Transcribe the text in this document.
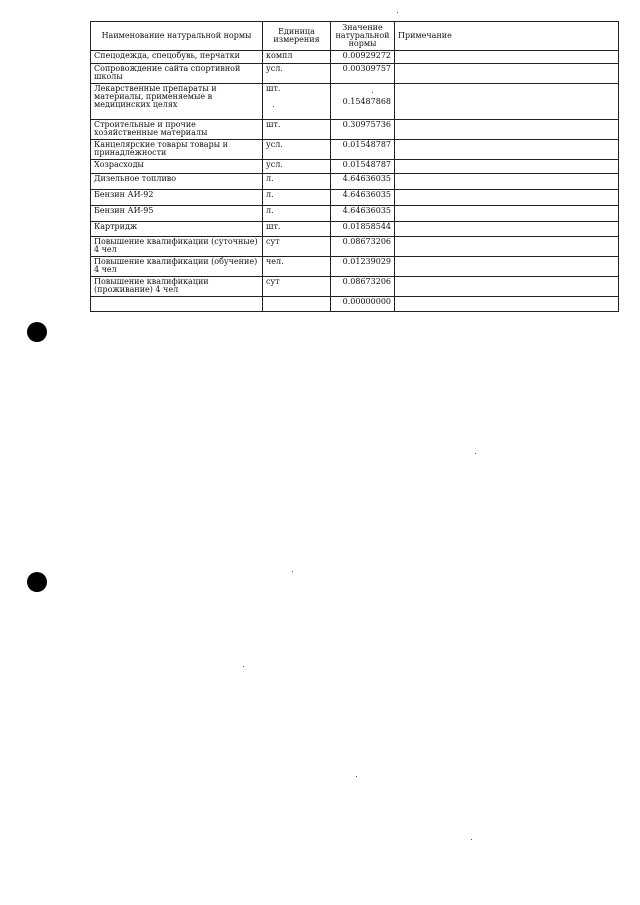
Наименование натуральной нормы	Единица измерения	Значение натуральной нормы	Примечание
Спецодежда, спецобувь, перчатки	компл	0.00929272	
Сопровождение сайта спортивной школы	усл.	0.00309757	
Лекарственные препараты и материалы, применяемые в медицинских целях	шт.	0.15487868	
Строительные и прочие хозяйственные материалы	шт.	0.30975736	
Канцелярские товары товары и принадлежности	усл.	0.01548787	
Хозрасходы	усл.	0.01548787	
Дизельное топливо	л.	4.64636035	
Бензин АИ-92	л.	4.64636035	
Бензин АИ-95	л.	4.64636035	
Картридж	шт.	0.01858544	
Повышение квалификации (суточные) 4 чел	сут	0.08673206	
Повышение квалификации (обучение) 4 чел	чел.	0.01239029	
Повышение квалификации (проживание) 4 чел	сут	0.08673206	
		0.00000000	
